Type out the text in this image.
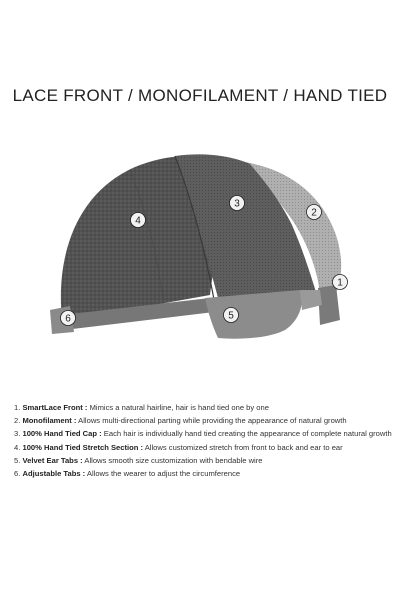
LACE FRONT / MONOFILAMENT / HAND TIED
1
2
3
4
5
6
1. SmartLace Front : Mimics a natural hairline, hair is hand tied one by one
2. Monofilament : Allows multi-directional parting while providing the appearance of natural growth
3. 100% Hand Tied Cap : Each hair is individually hand tied creating the appearance of complete natural growth
4. 100% Hand Tied Stretch Section : Allows customized stretch from front to back and ear to ear
5. Velvet Ear Tabs : Allows smooth size customization with bendable wire
6. Adjustable Tabs : Allows the wearer to adjust the circumference
